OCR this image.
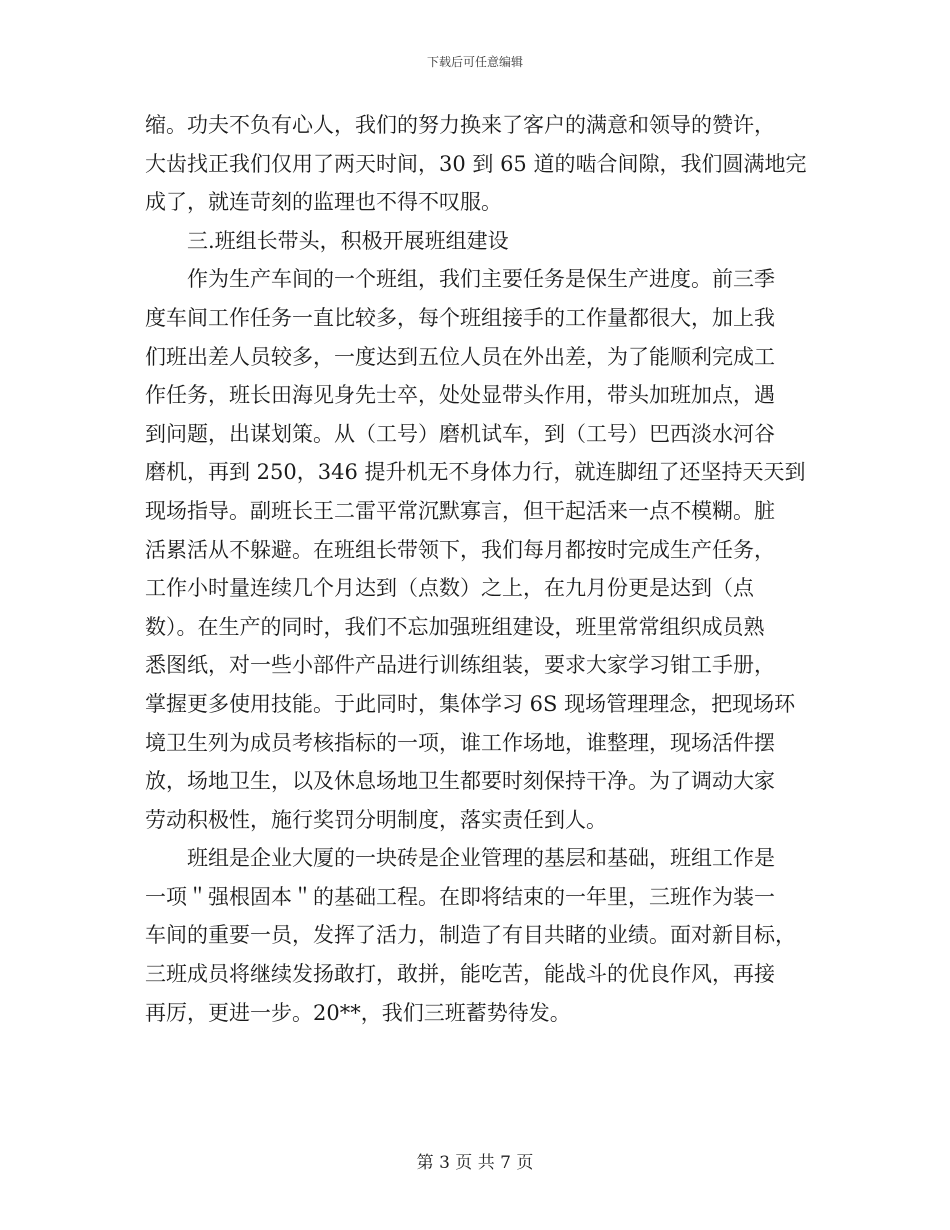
下载后可任意编辑
缩。功夫不负有心人，我们的努力换来了客户的满意和领导的赞许，
大齿找正我们仅用了两天时间，30 到 65 道的啮合间隙，我们圆满地完
成了，就连苛刻的监理也不得不叹服。
三.班组长带头，积极开展班组建设
作为生产车间的一个班组，我们主要任务是保生产进度。前三季
度车间工作任务一直比较多，每个班组接手的工作量都很大，加上我
们班出差人员较多，一度达到五位人员在外出差，为了能顺利完成工
作任务，班长田海见身先士卒，处处显带头作用，带头加班加点，遇
到问题，出谋划策。从（工号）磨机试车，到（工号）巴西淡水河谷
磨机，再到 250，346 提升机无不身体力行，就连脚纽了还坚持天天到
现场指导。副班长王二雷平常沉默寡言，但干起活来一点不模糊。脏
活累活从不躲避。在班组长带领下，我们每月都按时完成生产任务，
工作小时量连续几个月达到（点数）之上，在九月份更是达到（点
数）。在生产的同时，我们不忘加强班组建设，班里常常组织成员熟
悉图纸，对一些小部件产品进行训练组装，要求大家学习钳工手册，
掌握更多使用技能。于此同时，集体学习 6S 现场管理理念，把现场环
境卫生列为成员考核指标的一项，谁工作场地，谁整理，现场活件摆
放，场地卫生，以及休息场地卫生都要时刻保持干净。为了调动大家
劳动积极性，施行奖罚分明制度，落实责任到人。
班组是企业大厦的一块砖是企业管理的基层和基础，班组工作是
一项＂强根固本＂的基础工程。在即将结束的一年里，三班作为装一
车间的重要一员，发挥了活力，制造了有目共睹的业绩。面对新目标，
三班成员将继续发扬敢打，敢拼，能吃苦，能战斗的优良作风，再接
再厉，更进一步。20**，我们三班蓄势待发。
第 3 页 共 7 页
